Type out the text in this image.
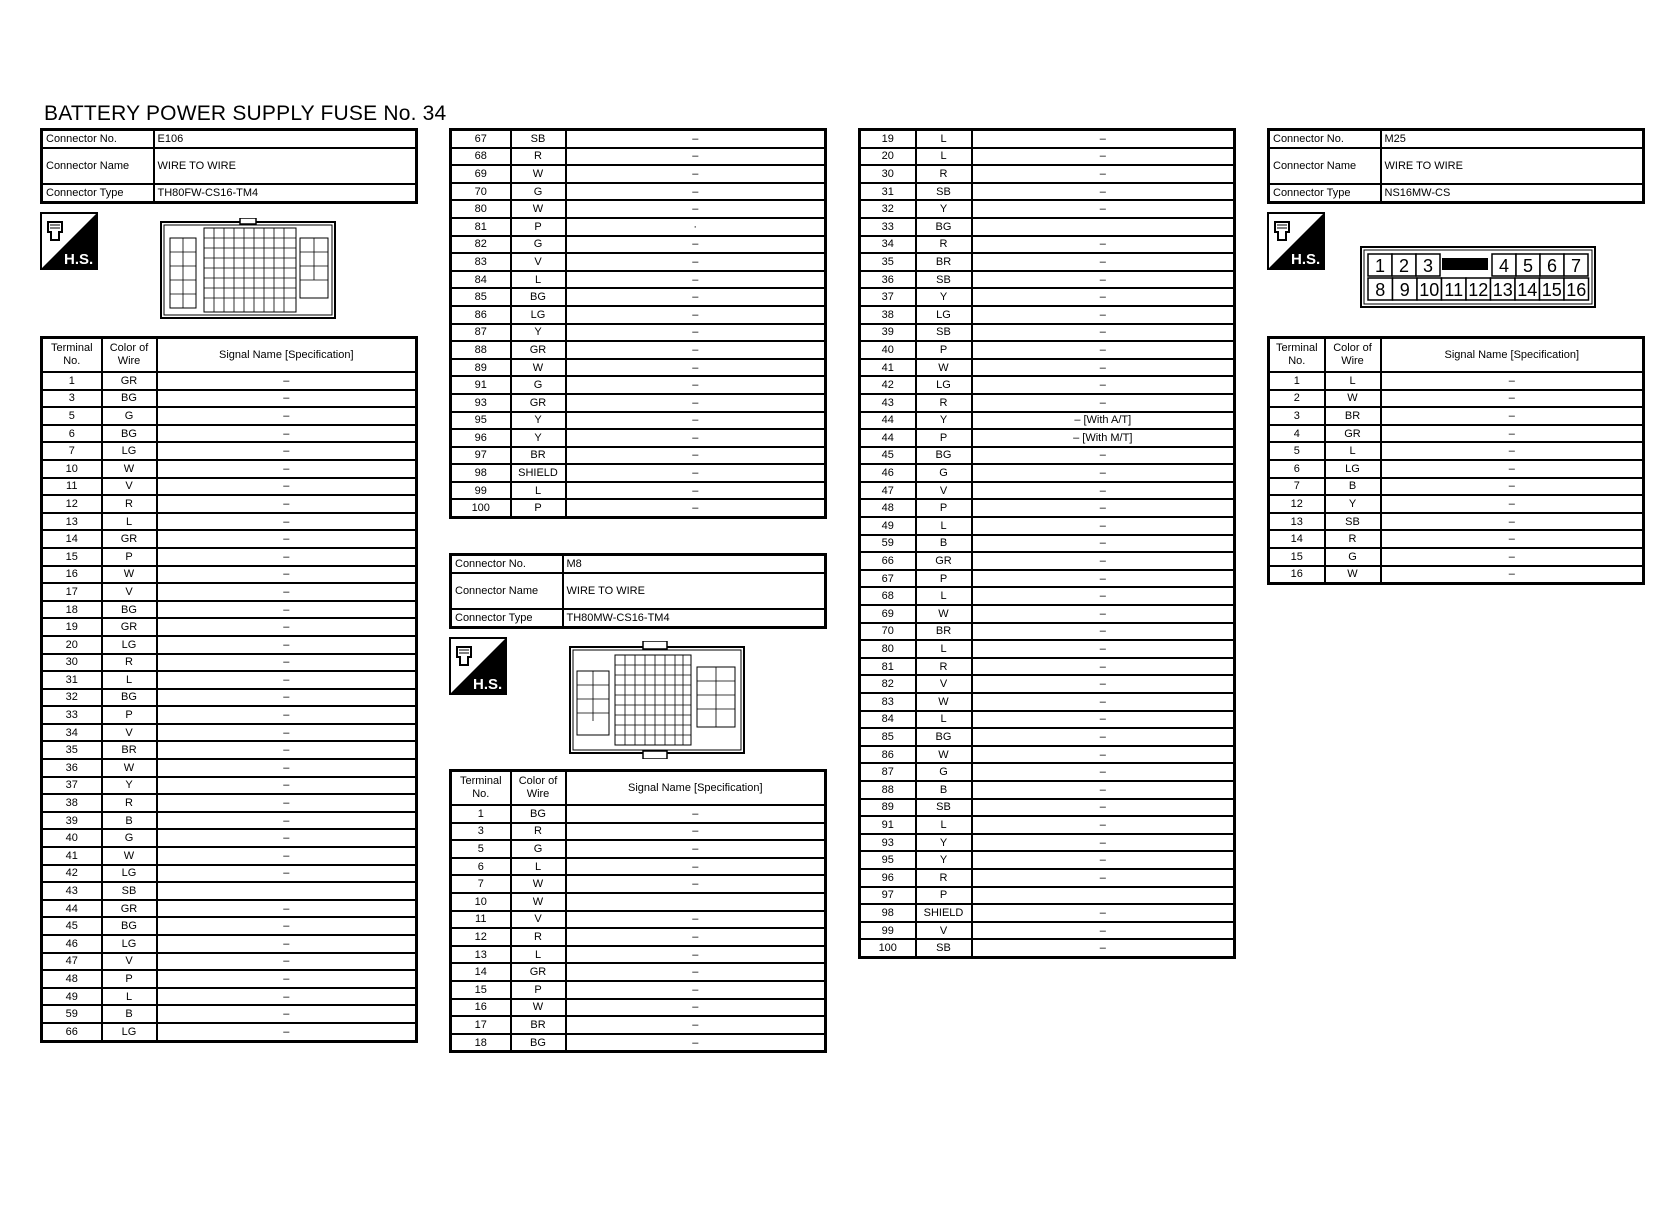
BATTERY POWER SUPPLY FUSE No. 34
Connector No.	E106
Connector Name	WIRE TO WIRE
Connector Type	TH80FW-CS16-TM4
H.S.
Terminal No.	Color of Wire	Signal Name [Specification]
1	GR	–
3	BG	–
5	G	–
6	BG	–
7	LG	–
10	W	–
11	V	–
12	R	–
13	L	–
14	GR	–
15	P	–
16	W	–
17	V	–
18	BG	–
19	GR	–
20	LG	–
30	R	–
31	L	–
32	BG	–
33	P	–
34	V	–
35	BR	–
36	W	–
37	Y	–
38	R	–
39	B	–
40	G	–
41	W	–
42	LG	–
43	SB	
44	GR	–
45	BG	–
46	LG	–
47	V	–
48	P	–
49	L	–
59	B	–
66	LG	–
67	SB	–
68	R	–
69	W	–
70	G	–
80	W	–
81	P	·
82	G	–
83	V	–
84	L	–
85	BG	–
86	LG	–
87	Y	–
88	GR	–
89	W	–
91	G	–
93	GR	–
95	Y	–
96	Y	–
97	BR	–
98	SHIELD	–
99	L	–
100	P	–
Connector No.	M8
Connector Name	WIRE TO WIRE
Connector Type	TH80MW-CS16-TM4
H.S.
Terminal No.	Color of Wire	Signal Name [Specification]
1	BG	–
3	R	–
5	G	–
6	L	–
7	W	–
10	W	
11	V	–
12	R	–
13	L	–
14	GR	–
15	P	–
16	W	–
17	BR	–
18	BG	–
19	L	–
20	L	–
30	R	–
31	SB	–
32	Y	–
33	BG	
34	R	–
35	BR	–
36	SB	–
37	Y	–
38	LG	–
39	SB	–
40	P	–
41	W	–
42	LG	–
43	R	–
44	Y	– [With A/T]
44	P	– [With M/T]
45	BG	–
46	G	–
47	V	–
48	P	–
49	L	–
59	B	–
66	GR	–
67	P	–
68	L	–
69	W	–
70	BR	–
80	L	–
81	R	–
82	V	–
83	W	–
84	L	–
85	BG	–
86	W	–
87	G	–
88	B	–
89	SB	–
91	L	–
93	Y	–
95	Y	–
96	R	–
97	P	
98	SHIELD	–
99	V	–
100	SB	–
Connector No.	M25
Connector Name	WIRE TO WIRE
Connector Type	NS16MW-CS
H.S.	1 2 3	4 5 6 7
8 9 10 11 12 13 14 15 16
Terminal No.	Color of Wire	Signal Name [Specification]
1	L	–
2	W	–
3	BR	–
4	GR	–
5	L	–
6	LG	–
7	B	–
12	Y	–
13	SB	–
14	R	–
15	G	–
16	W	–
